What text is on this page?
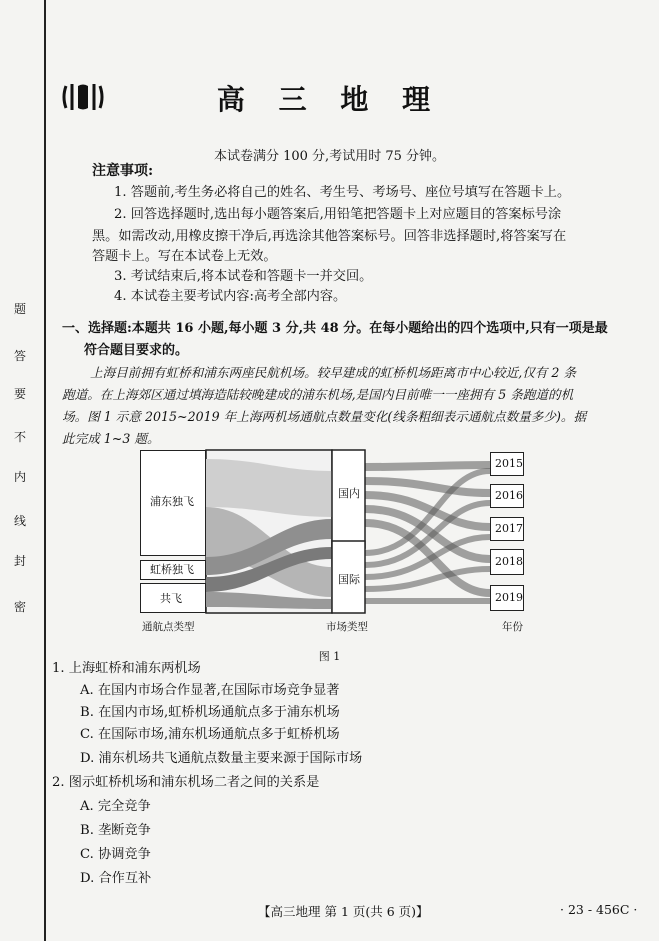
题
答
要
不
内
线
封
密
高 三 地 理
本试卷满分 100 分,考试用时 75 分钟。
注意事项:
1. 答题前,考生务必将自己的姓名、考生号、考场号、座位号填写在答题卡上。
2. 回答选择题时,选出每小题答案后,用铅笔把答题卡上对应题目的答案标号涂
黑。如需改动,用橡皮擦干净后,再选涂其他答案标号。回答非选择题时,将答案写在
答题卡上。写在本试卷上无效。
3. 考试结束后,将本试卷和答题卡一并交回。
4. 本试卷主要考试内容:高考全部内容。
一、选择题:本题共 16 小题,每小题 3 分,共 48 分。在每小题给出的四个选项中,只有一项是最
符合题目要求的。
上海目前拥有虹桥和浦东两座民航机场。较早建成的虹桥机场距离市中心较近,仅有 2 条
跑道。在上海郊区通过填海造陆较晚建成的浦东机场,是国内目前唯一一座拥有 5 条跑道的机
场。图 1 示意 2015~2019 年上海两机场通航点数量变化(线条粗细表示通航点数量多少)。据
此完成 1~3 题。
浦东独飞
虹桥独飞
共飞
国内
国际
2015
2016
2017
2018
2019
通航点类型	市场类型	年份
图 1
1. 上海虹桥和浦东两机场
A. 在国内市场合作显著,在国际市场竞争显著
B. 在国内市场,虹桥机场通航点多于浦东机场
C. 在国际市场,浦东机场通航点多于虹桥机场
D. 浦东机场共飞通航点数量主要来源于国际市场
2. 图示虹桥机场和浦东机场二者之间的关系是
A. 完全竞争
B. 垄断竞争
C. 协调竞争
D. 合作互补
【高三地理 第 1 页(共 6 页)】	· 23 - 456C ·
